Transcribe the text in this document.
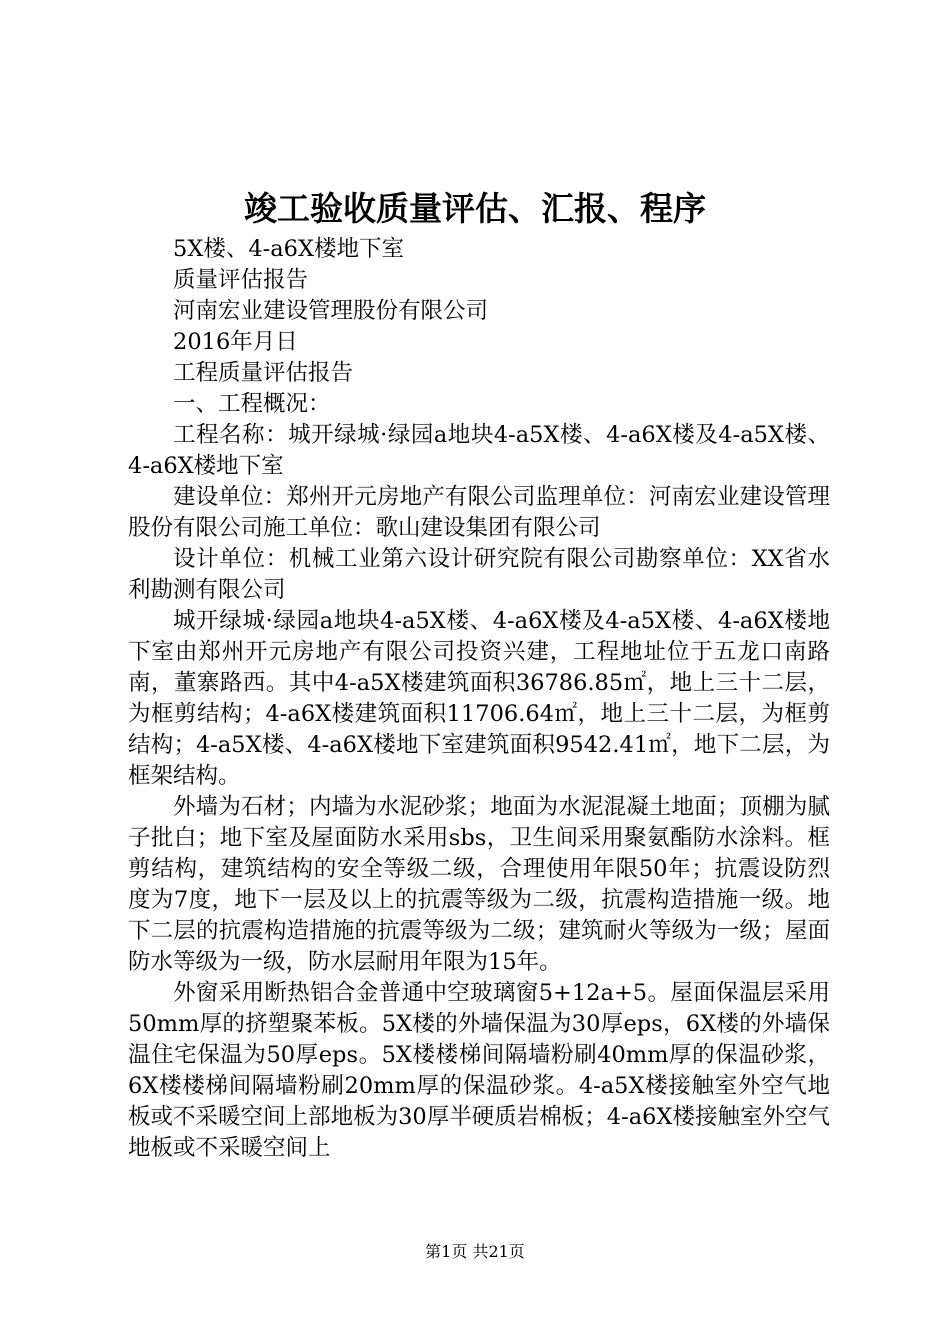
竣工验收质量评估、汇报、程序

5X楼、4-a6X楼地下室

质量评估报告

河南宏业建设管理股份有限公司

2016年月日

工程质量评估报告

一、工程概况：

工程名称：城开绿城·绿园a地块4-a5X楼、4-a6X楼及4-a5X楼、4-a6X楼地下室

建设单位：郑州开元房地产有限公司监理单位：河南宏业建设管理股份有限公司施工单位：歌山建设集团有限公司

设计单位：机械工业第六设计研究院有限公司勘察单位：XX省水利勘测有限公司

城开绿城·绿园a地块4-a5X楼、4-a6X楼及4-a5X楼、4-a6X楼地下室由郑州开元房地产有限公司投资兴建，工程地址位于五龙口南路南，董寨路西。其中4-a5X楼建筑面积36786.85㎡，地上三十二层，为框剪结构；4-a6X楼建筑面积11706.64㎡，地上三十二层，为框剪结构；4-a5X楼、4-a6X楼地下室建筑面积9542.41㎡，地下二层，为框架结构。

外墙为石材；内墙为水泥砂浆；地面为水泥混凝土地面；顶棚为腻子批白；地下室及屋面防水采用sbs，卫生间采用聚氨酯防水涂料。框剪结构，建筑结构的安全等级二级，合理使用年限50年；抗震设防烈度为7度，地下一层及以上的抗震等级为二级，抗震构造措施一级。地下二层的抗震构造措施的抗震等级为二级；建筑耐火等级为一级；屋面防水等级为一级，防水层耐用年限为15年。

外窗采用断热铝合金普通中空玻璃窗5+12a+5。屋面保温层采用50mm厚的挤塑聚苯板。5X楼的外墙保温为30厚eps，6X楼的外墙保温住宅保温为50厚eps。5X楼楼梯间隔墙粉刷40mm厚的保温砂浆，6X楼楼梯间隔墙粉刷20mm厚的保温砂浆。4-a5X楼接触室外空气地板或不采暖空间上部地板为30厚半硬质岩棉板；4-a6X楼接触室外空气地板或不采暖空间上

第1页 共21页
